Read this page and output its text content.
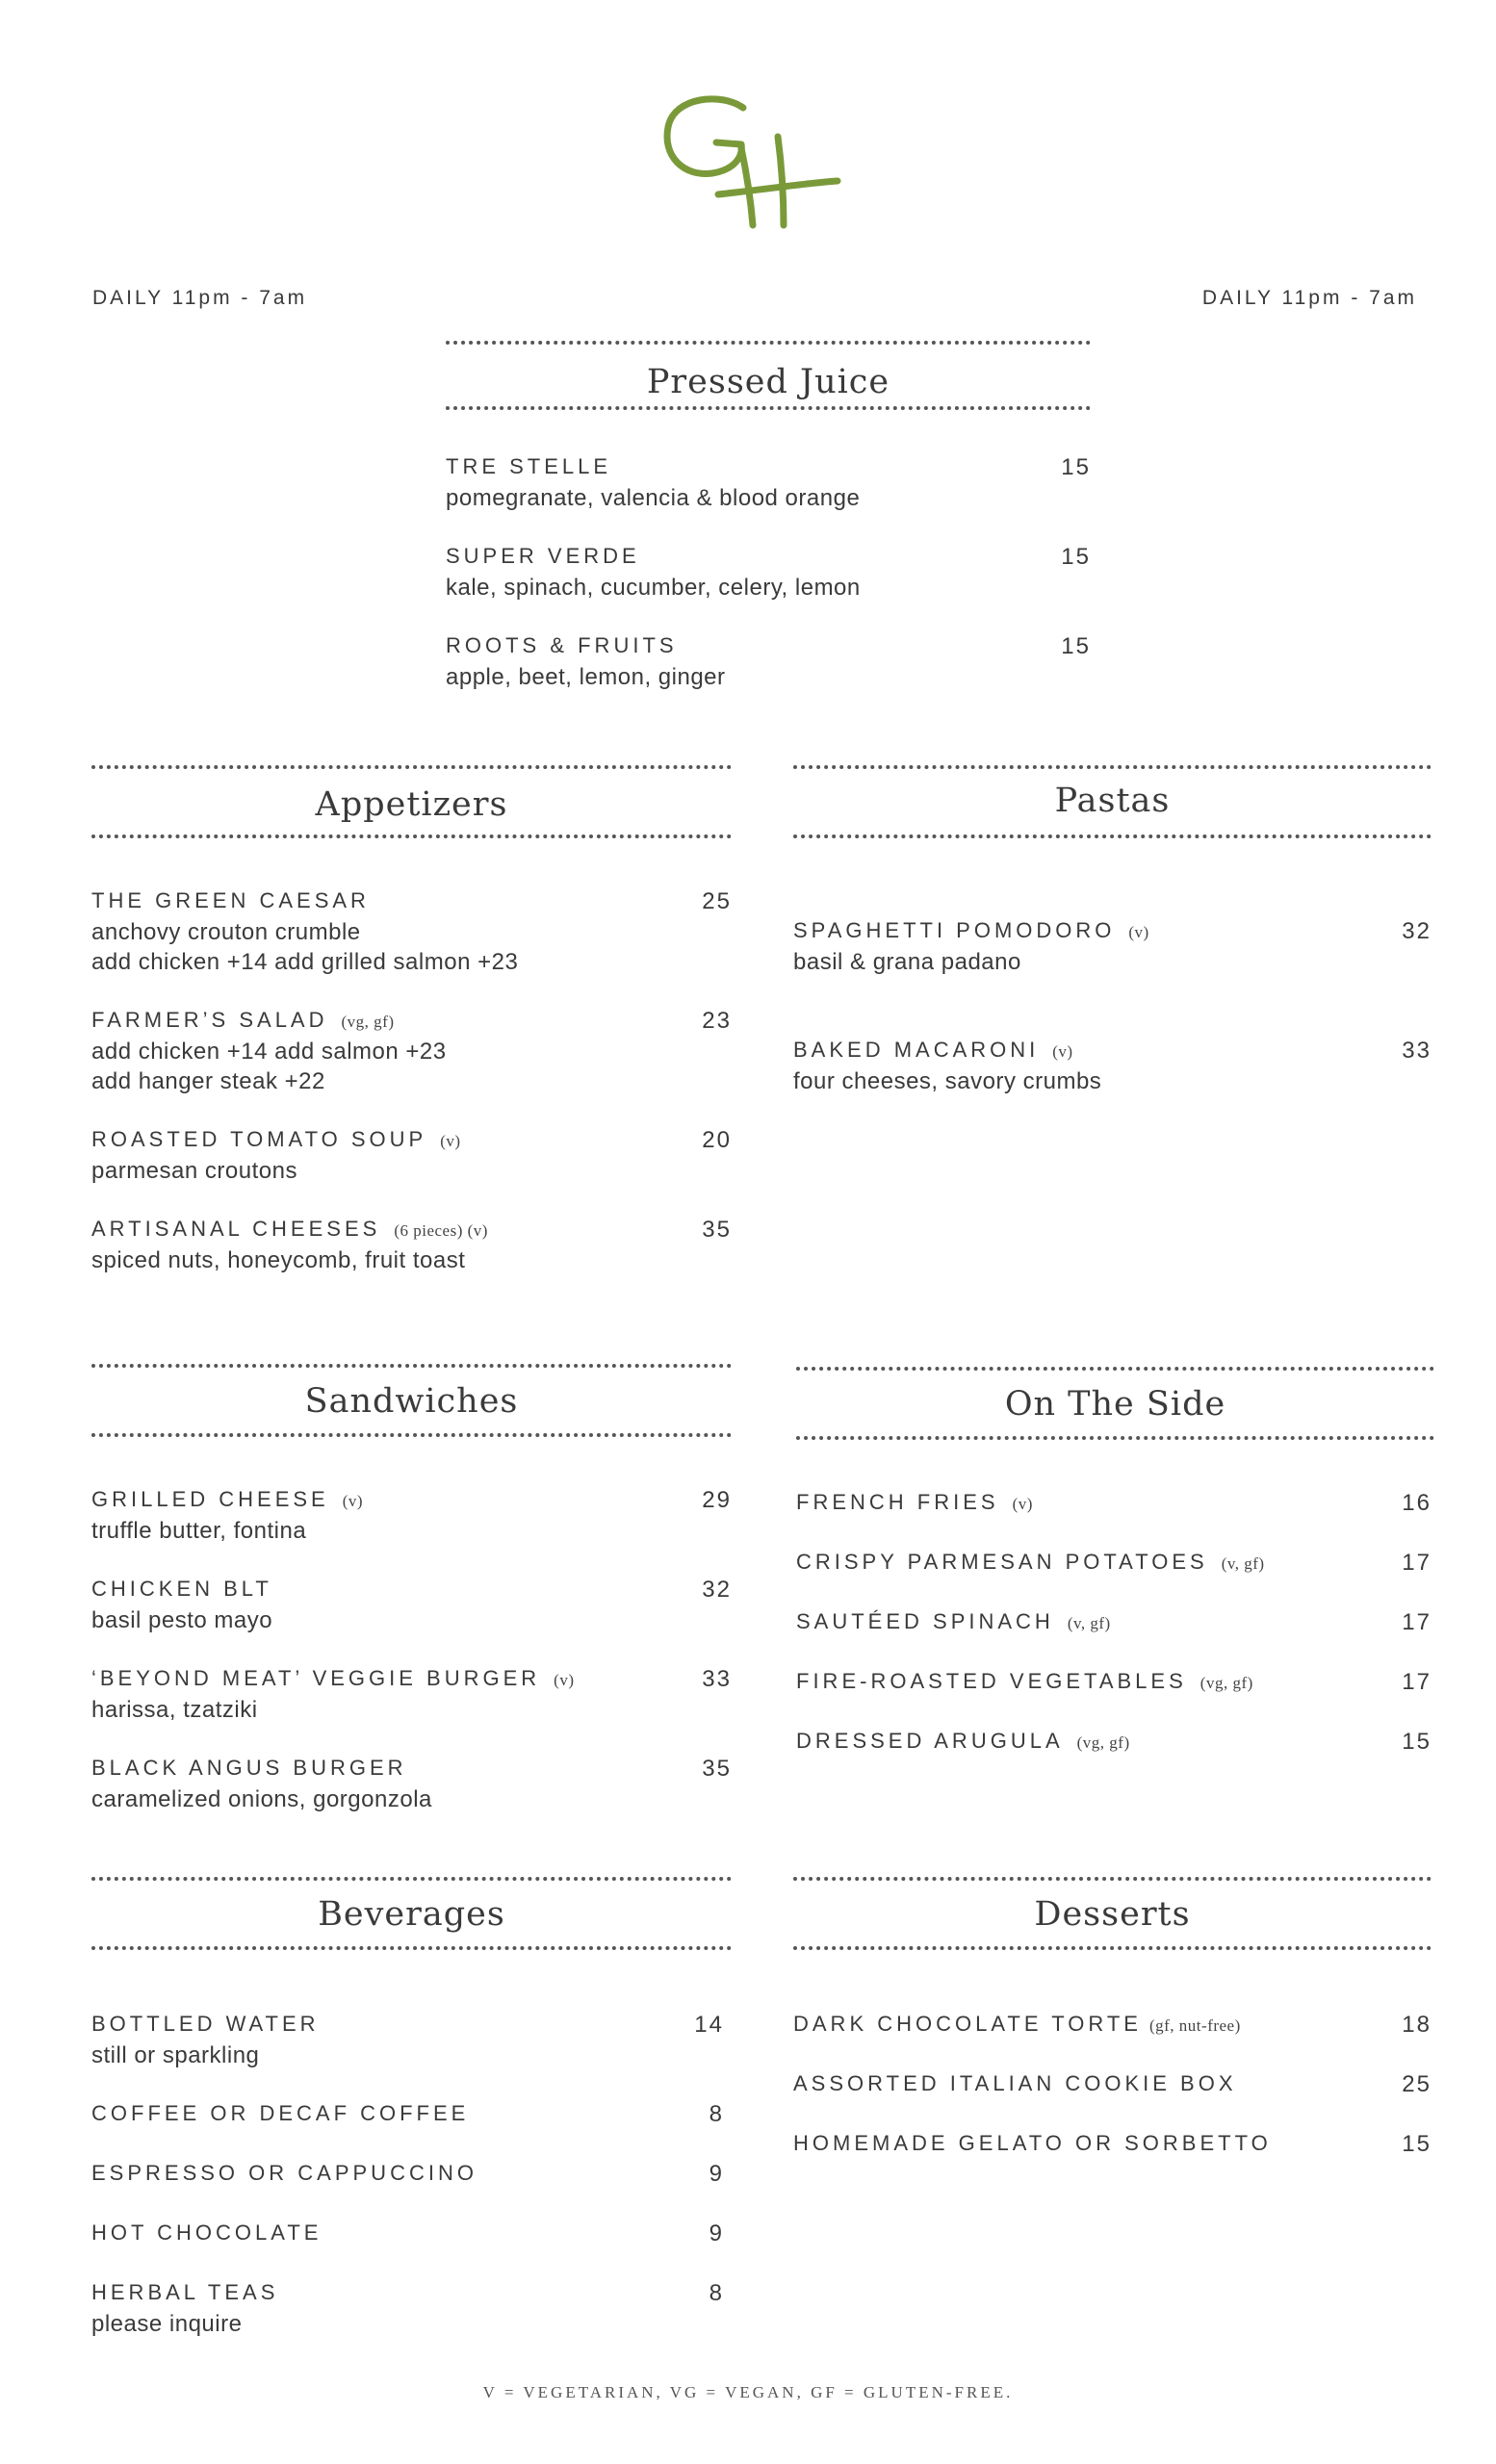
DAILY 11pm - 7am	DAILY 11pm - 7am
Pressed Juice
TRE STELLE	15
pomegranate, valencia & blood orange
SUPER VERDE	15
kale, spinach, cucumber, celery, lemon
ROOTS & FRUITS	15
apple, beet, lemon, ginger
Appetizers
THE GREEN CAESAR	25
anchovy crouton crumble
add chicken +14 add grilled salmon +23
FARMER’S SALAD (vg, gf)	23
add chicken +14 add salmon +23
add hanger steak +22
ROASTED TOMATO SOUP (v)	20
parmesan croutons
ARTISANAL CHEESES (6 pieces) (v)	35
spiced nuts, honeycomb, fruit toast
Pastas
SPAGHETTI POMODORO (v)	32
basil & grana padano
BAKED MACARONI (v)	33
four cheeses, savory crumbs
Sandwiches
GRILLED CHEESE (v)	29
truffle butter, fontina
CHICKEN BLT	32
basil pesto mayo
‘BEYOND MEAT’ VEGGIE BURGER (v)	33
harissa, tzatziki
BLACK ANGUS BURGER	35
caramelized onions, gorgonzola
On The Side
FRENCH FRIES (v)	16
CRISPY PARMESAN POTATOES (v, gf)	17
SAUTÉED SPINACH (v, gf)	17
FIRE-ROASTED VEGETABLES (vg, gf)	17
DRESSED ARUGULA (vg, gf)	15
Beverages
BOTTLED WATER	14
still or sparkling
COFFEE OR DECAF COFFEE	8
ESPRESSO OR CAPPUCCINO	9
HOT CHOCOLATE	9
HERBAL TEAS	8
please inquire
Desserts
DARK CHOCOLATE TORTE (gf, nut-free)	18
ASSORTED ITALIAN COOKIE BOX	25
HOMEMADE GELATO OR SORBETTO	15
V = VEGETARIAN, VG = VEGAN, GF = GLUTEN-FREE.
